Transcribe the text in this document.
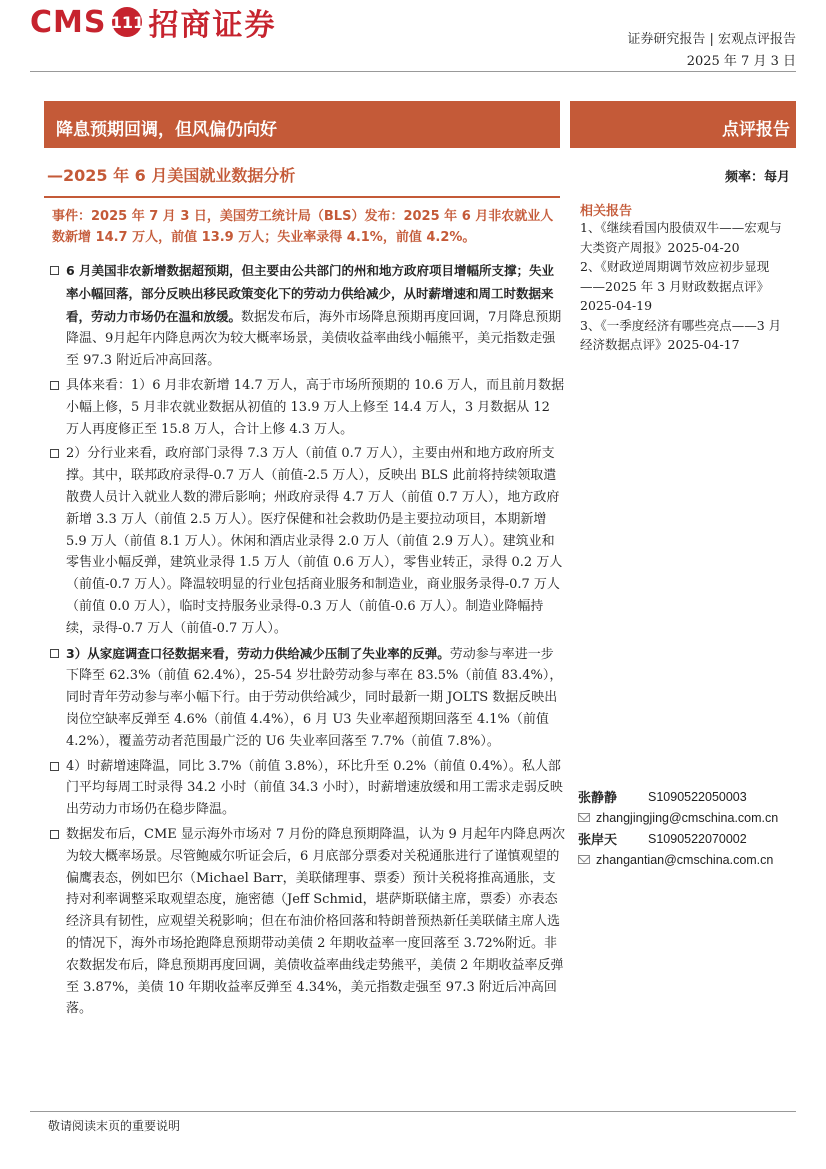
CMS 111 招商证券	证券研究报告 | 宏观点评报告
2025 年 7 月 3 日
降息预期回调，但风偏仍向好	点评报告
—2025 年 6 月美国就业数据分析	频率：每月
事件：2025 年 7 月 3 日，美国劳工统计局（BLS）发布：2025 年 6 月非农就业人数新增 14.7 万人，前值 13.9 万人；失业率录得 4.1%，前值 4.2%。
6 月美国非农新增数据超预期，但主要由公共部门的州和地方政府项目增幅所支撑；失业率小幅回落，部分反映出移民政策变化下的劳动力供给减少，从时薪增速和周工时数据来看，劳动力市场仍在温和放缓。数据发布后，海外市场降息预期再度回调，7月降息预期降温、9月起年内降息两次为较大概率场景，美债收益率曲线小幅熊平，美元指数走强至 97.3 附近后冲高回落。
具体来看：1）6 月非农新增 14.7 万人，高于市场所预期的 10.6 万人，而且前月数据小幅上修，5 月非农就业数据从初值的 13.9 万人上修至 14.4 万人，3 月数据从 12 万人再度修正至 15.8 万人，合计上修 4.3 万人。
2）分行业来看，政府部门录得 7.3 万人（前值 0.7 万人），主要由州和地方政府所支撑。其中，联邦政府录得-0.7 万人（前值-2.5 万人），反映出 BLS 此前将持续领取遣散费人员计入就业人数的滞后影响；州政府录得 4.7 万人（前值 0.7 万人），地方政府新增 3.3 万人（前值 2.5 万人）。医疗保健和社会救助仍是主要拉动项目，本期新增 5.9 万人（前值 8.1 万人）。休闲和酒店业录得 2.0 万人（前值 2.9 万人）。建筑业和零售业小幅反弹，建筑业录得 1.5 万人（前值 0.6 万人），零售业转正，录得 0.2 万人（前值-0.7 万人）。降温较明显的行业包括商业服务和制造业，商业服务录得-0.7 万人（前值 0.0 万人），临时支持服务业录得-0.3 万人（前值-0.6 万人）。制造业降幅持续，录得-0.7 万人（前值-0.7 万人）。
3）从家庭调查口径数据来看，劳动力供给减少压制了失业率的反弹。劳动参与率进一步下降至 62.3%（前值 62.4%），25-54 岁壮龄劳动参与率在 83.5%（前值 83.4%），同时青年劳动参与率小幅下行。由于劳动供给减少，同时最新一期 JOLTS 数据反映出岗位空缺率反弹至 4.6%（前值 4.4%），6 月 U3 失业率超预期回落至 4.1%（前值 4.2%），覆盖劳动者范围最广泛的 U6 失业率回落至 7.7%（前值 7.8%）。
4）时薪增速降温，同比 3.7%（前值 3.8%），环比升至 0.2%（前值 0.4%）。私人部门平均每周工时录得 34.2 小时（前值 34.3 小时），时薪增速放缓和用工需求走弱反映出劳动力市场仍在稳步降温。
数据发布后，CME 显示海外市场对 7 月份的降息预期降温，认为 9 月起年内降息两次为较大概率场景。尽管鲍威尔听证会后，6 月底部分票委对关税通胀进行了谨慎观望的偏鹰表态，例如巴尔（Michael Barr，美联储理事、票委）预计关税将推高通胀，支持对利率调整采取观望态度，施密德（Jeff Schmid，堪萨斯联储主席，票委）亦表态经济具有韧性，应观望关税影响；但在布油价格回落和特朗普预热新任美联储主席人选的情况下，海外市场抢跑降息预期带动美债 2 年期收益率一度回落至 3.72%附近。非农数据发布后，降息预期再度回调，美债收益率曲线走势熊平，美债 2 年期收益率反弹至 3.87%，美债 10 年期收益率反弹至 4.34%，美元指数走强至 97.3 附近后冲高回落。
相关报告
1、《继续看国内股债双牛——宏观与大类资产周报》2025-04-20
2、《财政逆周期调节效应初步显现——2025 年 3 月财政数据点评》2025-04-19
3、《一季度经济有哪些亮点——3 月经济数据点评》2025-04-17
张静静	S1090522050003
zhangjingjing@cmschina.com.cn
张岸天	S1090522070002
zhangantian@cmschina.com.cn
敬请阅读末页的重要说明
